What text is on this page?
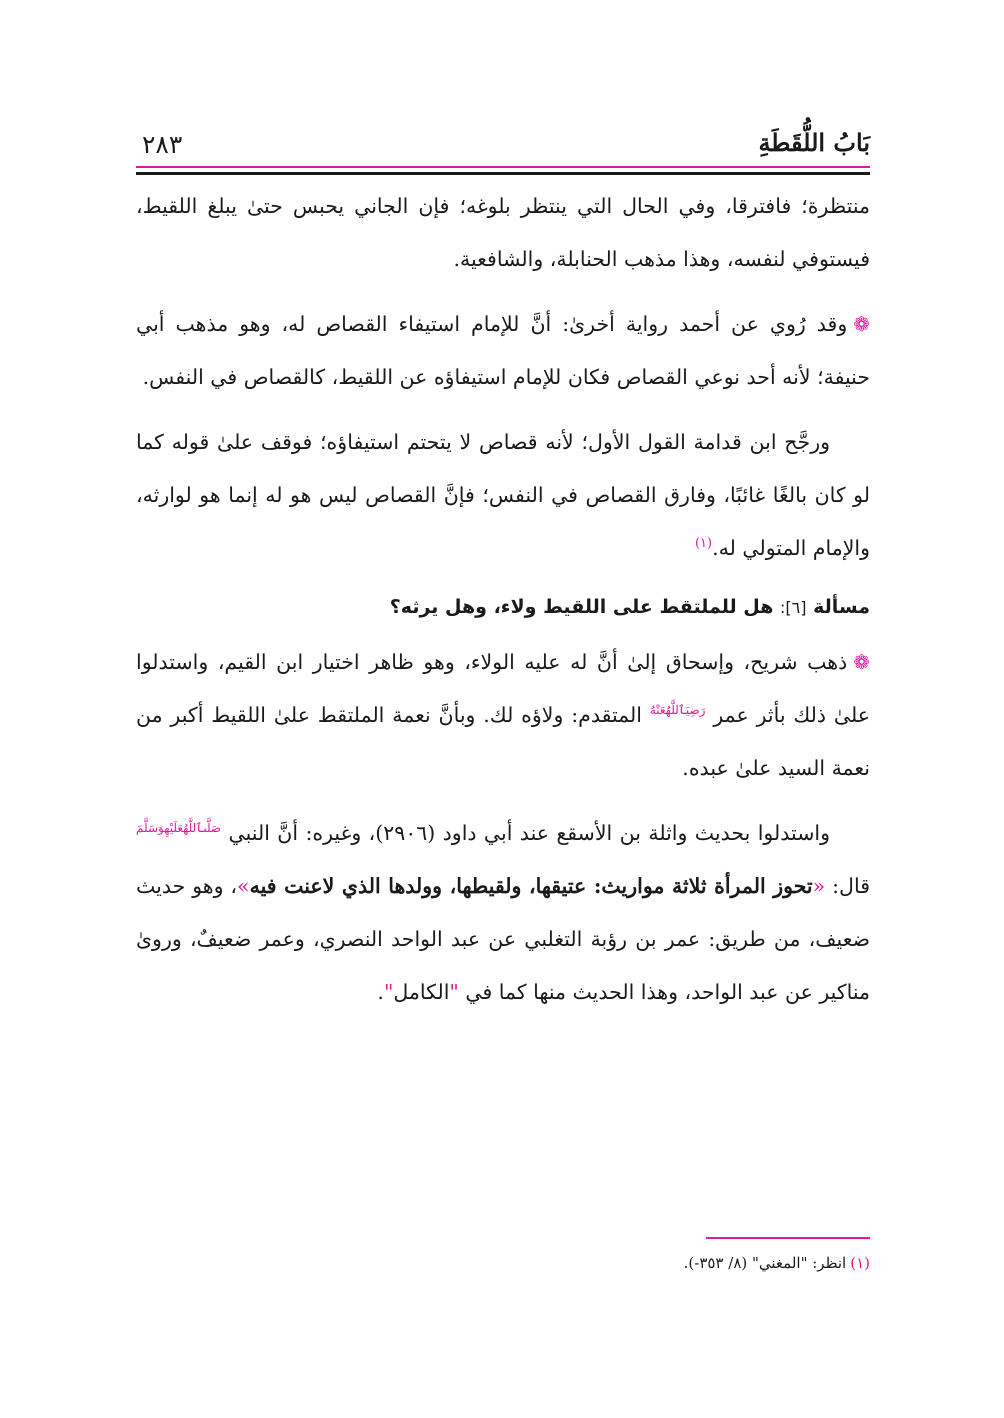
بَابُ اللُّقَطَةِ
٢٨٣

منتظرة؛ فافترقا، وفي الحال التي ينتظر بلوغه؛ فإن الجاني يحبس حتىٰ يبلغ اللقيط، فيستوفي لنفسه، وهذا مذهب الحنابلة، والشافعية.

❁وقد رُوي عن أحمد رواية أخرىٰ: أنَّ للإمام استيفاء القصاص له، وهو مذهب أبي حنيفة؛ لأنه أحد نوعي القصاص فكان للإمام استيفاؤه عن اللقيط، كالقصاص في النفس.

ورجَّح ابن قدامة القول الأول؛ لأنه قصاص لا يتحتم استيفاؤه؛ فوقف علىٰ قوله كما لو كان بالغًا غائبًا، وفارق القصاص في النفس؛ فإنَّ القصاص ليس هو له إنما هو لوارثه، والإمام المتولي له.$^{(١)}$

مسألة [٦]: هل للملتقط على اللقيط ولاء، وهل يرثه؟

❁ذهب شريح، وإسحاق إلىٰ أنَّ له عليه الولاء، وهو ظاهر اختيار ابن القيم، واستدلوا علىٰ ذلك بأثر عمر $^{رَضِيَٱللَّهُعَنْهُ}$ المتقدم: ولاؤه لك. وبأنَّ نعمة الملتقط علىٰ اللقيط أكبر من نعمة السيد علىٰ عبده.

واستدلوا بحديث واثلة بن الأسقع عند أبي داود (٢٩٠٦)، وغيره: أنَّ النبي $^{صَلَّىٱللَّهُعَلَيْهِوَسَلَّمَ}$ قال: «تحوز المرأة ثلاثة مواريث: عتيقها، ولقيطها، وولدها الذي لاعنت فيه»، وهو حديث ضعيف، من طريق: عمر بن رؤبة التغلبي عن عبد الواحد النصري، وعمر ضعيفٌ، ورویٰ مناكير عن عبد الواحد، وهذا الحديث منها كما في "الكامل".

(١)انظر: "المغني" (٨/ ٣٥٣-).
